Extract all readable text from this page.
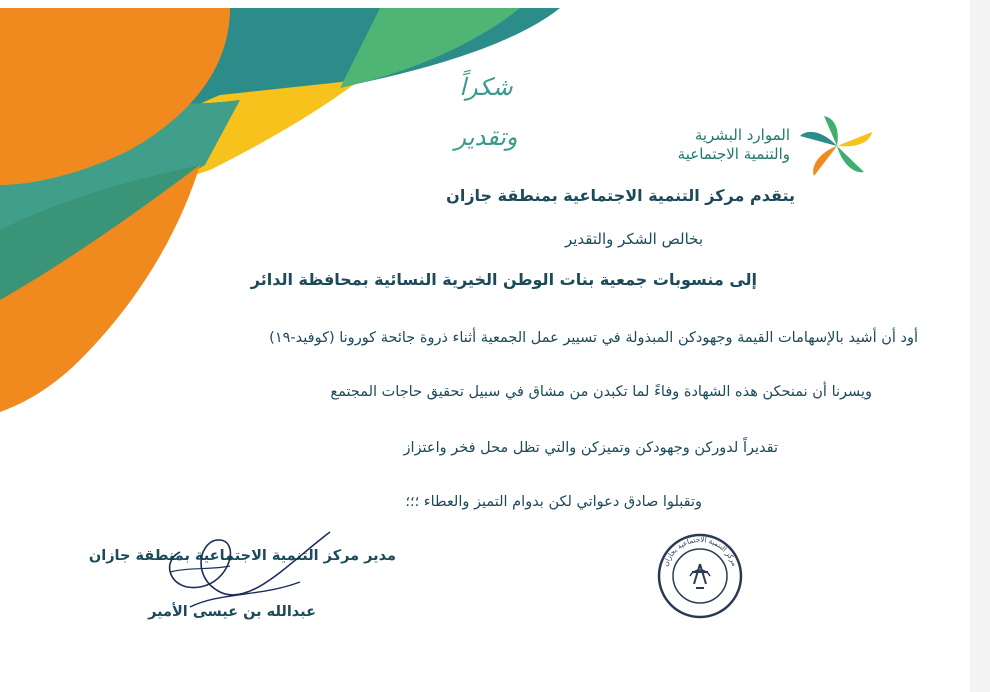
شكراً وتقدير	الموارد البشرية
والتنمية الاجتماعية
يتقدم مركز التنمية الاجتماعية بمنطقة جازان
بخالص الشكر والتقدير
إلى منسوبات جمعية بنات الوطن الخيرية النسائية بمحافظة الدائر
أود أن أشيد بالإسهامات القيمة وجهودكن المبذولة في تسيير عمل الجمعية أثناء ذروة جائحة كورونا (كوفيد-١٩)
ويسرنا أن نمنحكن هذه الشهادة وفاءً لما تكبدن من مشاق في سبيل تحقيق حاجات المجتمع
تقديراً لدوركن وجهودكن وتميزكن والتي تظل محل فخر واعتزاز
وتقبلوا صادق دعواتي لكن بدوام التميز والعطاء ؛؛؛
مدير مركز التنمية الاجتماعية بمنطقة جازان
عبدالله بن عيسى الأمير
مركز التنمية الاجتماعية بجازان
